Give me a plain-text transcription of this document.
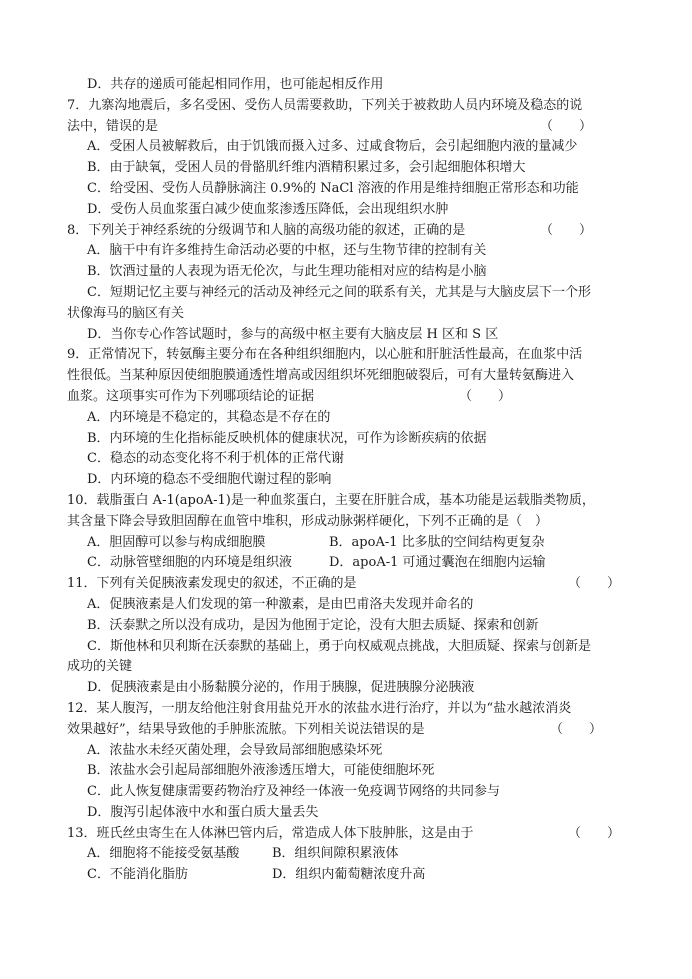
D．共存的递质可能起相同作用，也可能起相反作用
7．九寨沟地震后，多名受困、受伤人员需要救助，下列关于被救助人员内环境及稳态的说
法中，错误的是	（　　）
A．受困人员被解救后，由于饥饿而摄入过多、过咸食物后，会引起细胞内液的量减少
B．由于缺氧，受困人员的骨骼肌纤维内酒精积累过多，会引起细胞体积增大
C．给受困、受伤人员静脉滴注 0.9%的 NaCl 溶液的作用是维持细胞正常形态和功能
D．受伤人员血浆蛋白减少使血浆渗透压降低，会出现组织水肿
8．下列关于神经系统的分级调节和人脑的高级功能的叙述，正确的是	（　　）
A．脑干中有许多维持生命活动必要的中枢，还与生物节律的控制有关
B．饮酒过量的人表现为语无伦次，与此生理功能相对应的结构是小脑
C．短期记忆主要与神经元的活动及神经元之间的联系有关，尤其是与大脑皮层下一个形
状像海马的脑区有关
D．当你专心作答试题时，参与的高级中枢主要有大脑皮层 H 区和 S 区
9．正常情况下，转氨酶主要分布在各种组织细胞内，以心脏和肝脏活性最高，在血浆中活
性很低。当某种原因使细胞膜通透性增高或因组织坏死细胞破裂后，可有大量转氨酶进入
血浆。这项事实可作为下列哪项结论的证据	（　　）
A．内环境是不稳定的，其稳态是不存在的
B．内环境的生化指标能反映机体的健康状况，可作为诊断疾病的依据
C．稳态的动态变化将不利于机体的正常代谢
D．内环境的稳态不受细胞代谢过程的影响
10．载脂蛋白 A-1(apoA-1)是一种血浆蛋白，主要在肝脏合成，基本功能是运载脂类物质，
其含量下降会导致胆固醇在血管中堆积，形成动脉粥样硬化，下列不正确的是（　）
A．胆固醇可以参与构成细胞膜	B．apoA-1 比多肽的空间结构更复杂
C．动脉管壁细胞的内环境是组织液	D．apoA-1 可通过囊泡在细胞内运输
11．下列有关促胰液素发现史的叙述，不正确的是	（　　）
A．促胰液素是人们发现的第一种激素，是由巴甫洛夫发现并命名的
B．沃泰默之所以没有成功，是因为他囿于定论，没有大胆去质疑、探索和创新
C．斯他林和贝利斯在沃泰默的基础上，勇于向权威观点挑战，大胆质疑、探索与创新是
成功的关键
D．促胰液素是由小肠黏膜分泌的，作用于胰腺，促进胰腺分泌胰液
12．某人腹泻，一朋友给他注射食用盐兑开水的浓盐水进行治疗，并以为“盐水越浓消炎
效果越好”，结果导致他的手肿胀流脓。下列相关说法错误的是	（　　）
A．浓盐水未经灭菌处理，会导致局部细胞感染坏死
B．浓盐水会引起局部细胞外液渗透压增大，可能使细胞坏死
C．此人恢复健康需要药物治疗及神经一体液一免疫调节网络的共同参与
D．腹泻引起体液中水和蛋白质大量丢失
13．班氏丝虫寄生在人体淋巴管内后，常造成人体下肢肿胀，这是由于	（　　）
A．细胞将不能接受氨基酸	B．组织间隙积累液体
C．不能消化脂肪	D．组织内葡萄糖浓度升高
